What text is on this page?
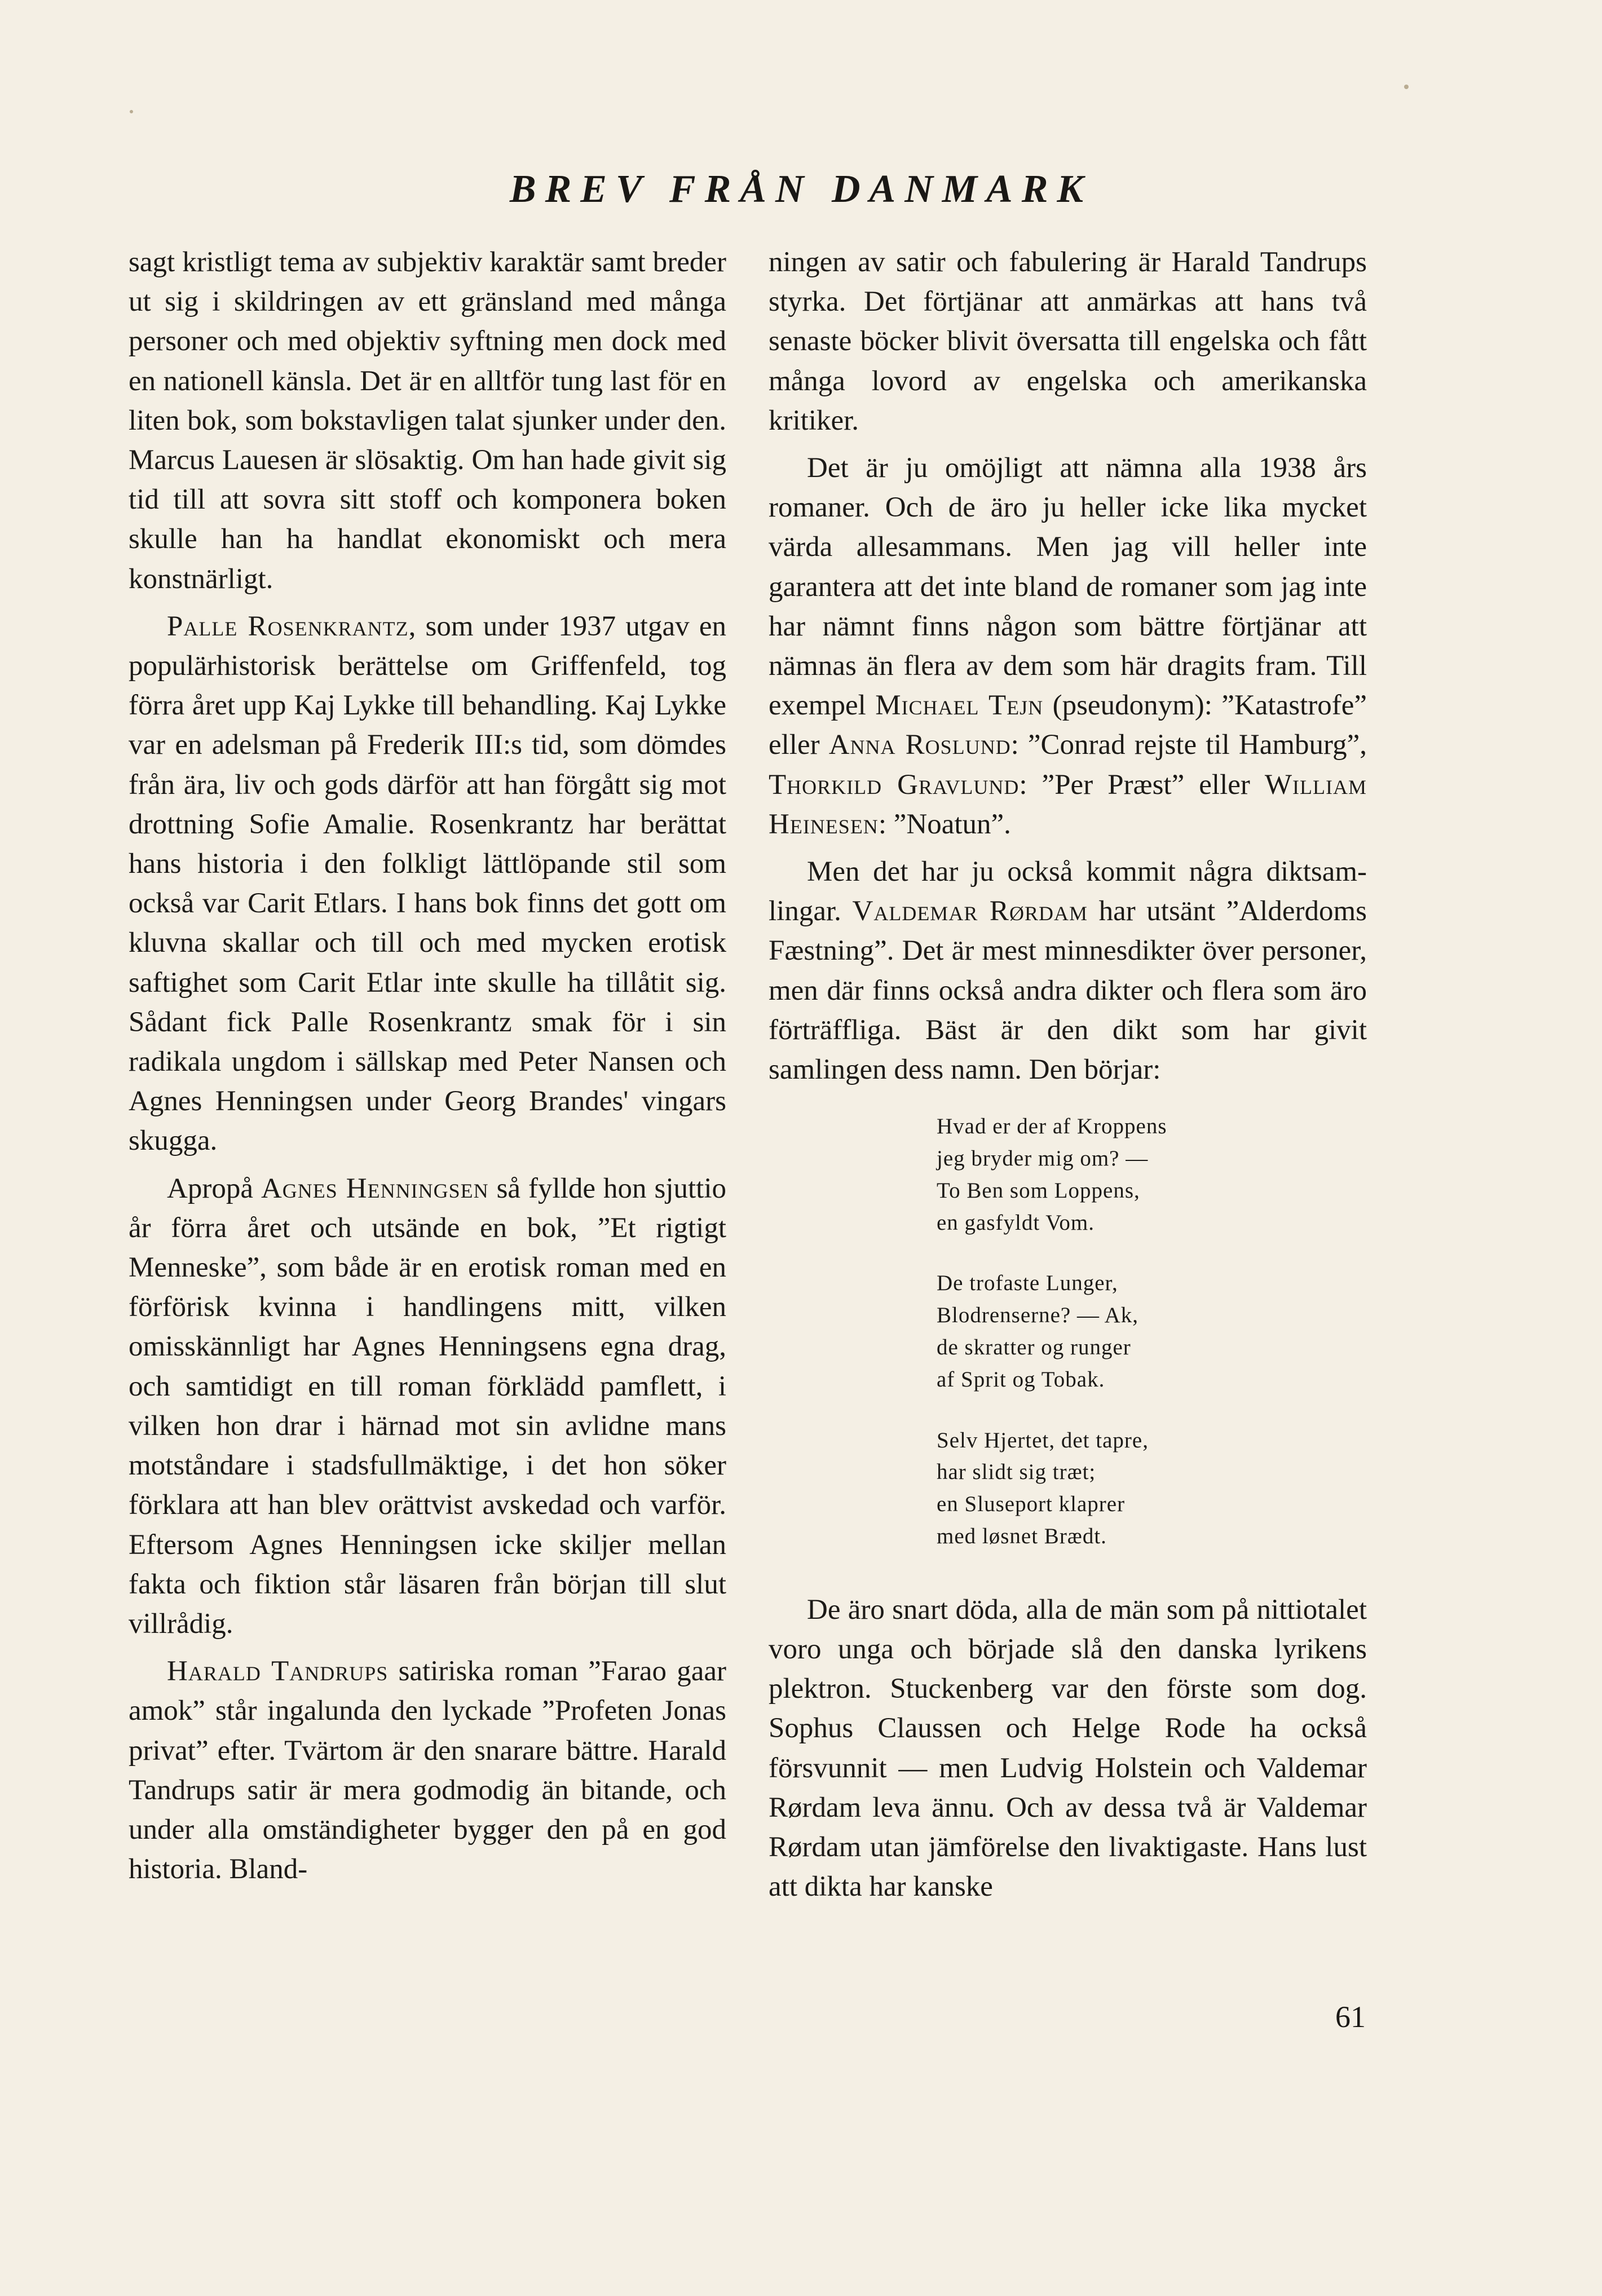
BREV FRÅN DANMARK

sagt kristligt tema av subjektiv karaktär samt breder ut sig i skildringen av ett gränsland med många personer och med objektiv syftning men dock med en nationell känsla. Det är en alltför tung last för en liten bok, som bokstavligen talat sjunker under den. Marcus Lauesen är slösaktig. Om han hade givit sig tid till att sovra sitt stoff och komponera boken skulle han ha handlat ekonomiskt och mera konstnärligt.

Palle Rosenkrantz, som under 1937 utgav en populärhistorisk berättelse om Griffenfeld, tog förra året upp Kaj Lykke till behandling. Kaj Lykke var en adelsman på Frederik III:s tid, som dömdes från ära, liv och gods därför att han förgått sig mot drottning Sofie Amalie. Rosenkrantz har berättat hans historia i den folkligt lättlöpande stil som också var Carit Etlars. I hans bok finns det gott om kluvna skallar och till och med mycken erotisk saftighet som Carit Etlar inte skulle ha tillåtit sig. Sådant fick Palle Rosenkrantz smak för i sin radikala ungdom i sällskap med Peter Nansen och Agnes Henningsen under Georg Brandes' vingars skugga.

Apropå Agnes Henningsen så fyllde hon sjuttio år förra året och utsände en bok, ”Et rigtigt Menneske”, som både är en erotisk roman med en förförisk kvinna i handlingens mitt, vilken omisskännligt har Agnes Henningsens egna drag, och samtidigt en till roman förklädd pamflett, i vilken hon drar i härnad mot sin avlidne mans motståndare i stadsfullmäktige, i det hon söker förklara att han blev orättvist avskedad och varför. Eftersom Agnes Henningsen icke skiljer mellan fakta och fiktion står läsaren från början till slut villrådig.

Harald Tandrups satiriska roman ”Farao gaar amok” står ingalunda den lyckade ”Profeten Jonas privat” efter. Tvärtom är den snarare bättre. Harald Tandrups satir är mera godmodig än bitande, och under alla omständigheter bygger den på en god historia. Bland-

ningen av satir och fabulering är Harald Tandrups styrka. Det förtjänar att anmärkas att hans två senaste böcker blivit översatta till engelska och fått många lovord av engelska och amerikanska kritiker.

Det är ju omöjligt att nämna alla 1938 års romaner. Och de äro ju heller icke lika mycket värda allesammans. Men jag vill heller inte garantera att det inte bland de romaner som jag inte har nämnt finns någon som bättre förtjänar att nämnas än flera av dem som här dragits fram. Till exempel Michael Tejn (pseudonym): ”Katastrofe” eller Anna Roslund: ”Conrad rejste til Hamburg”, Thorkild Gravlund: ”Per Præst” eller William Heinesen: ”Noatun”.

Men det har ju också kommit några diktsamlingar. Valdemar Rørdam har utsänt ”Alderdoms Fæstning”. Det är mest minnesdikter över personer, men där finns också andra dikter och flera som äro förträffliga. Bäst är den dikt som har givit samlingen dess namn. Den börjar:

Hvad er der af Kroppens
jeg bryder mig om? —
To Ben som Loppens,
en gasfyldt Vom.
De trofaste Lunger,
Blodrenserne? — Ak,
de skratter og runger
af Sprit og Tobak.
Selv Hjertet, det tapre,
har slidt sig træt;
en Sluseport klaprer
med løsnet Brædt.

De äro snart döda, alla de män som på nittiotalet voro unga och började slå den danska lyrikens plektron. Stuckenberg var den förste som dog. Sophus Claussen och Helge Rode ha också försvunnit — men Ludvig Holstein och Valdemar Rørdam leva ännu. Och av dessa två är Valdemar Rørdam utan jämförelse den livaktigaste. Hans lust att dikta har kanske

61
